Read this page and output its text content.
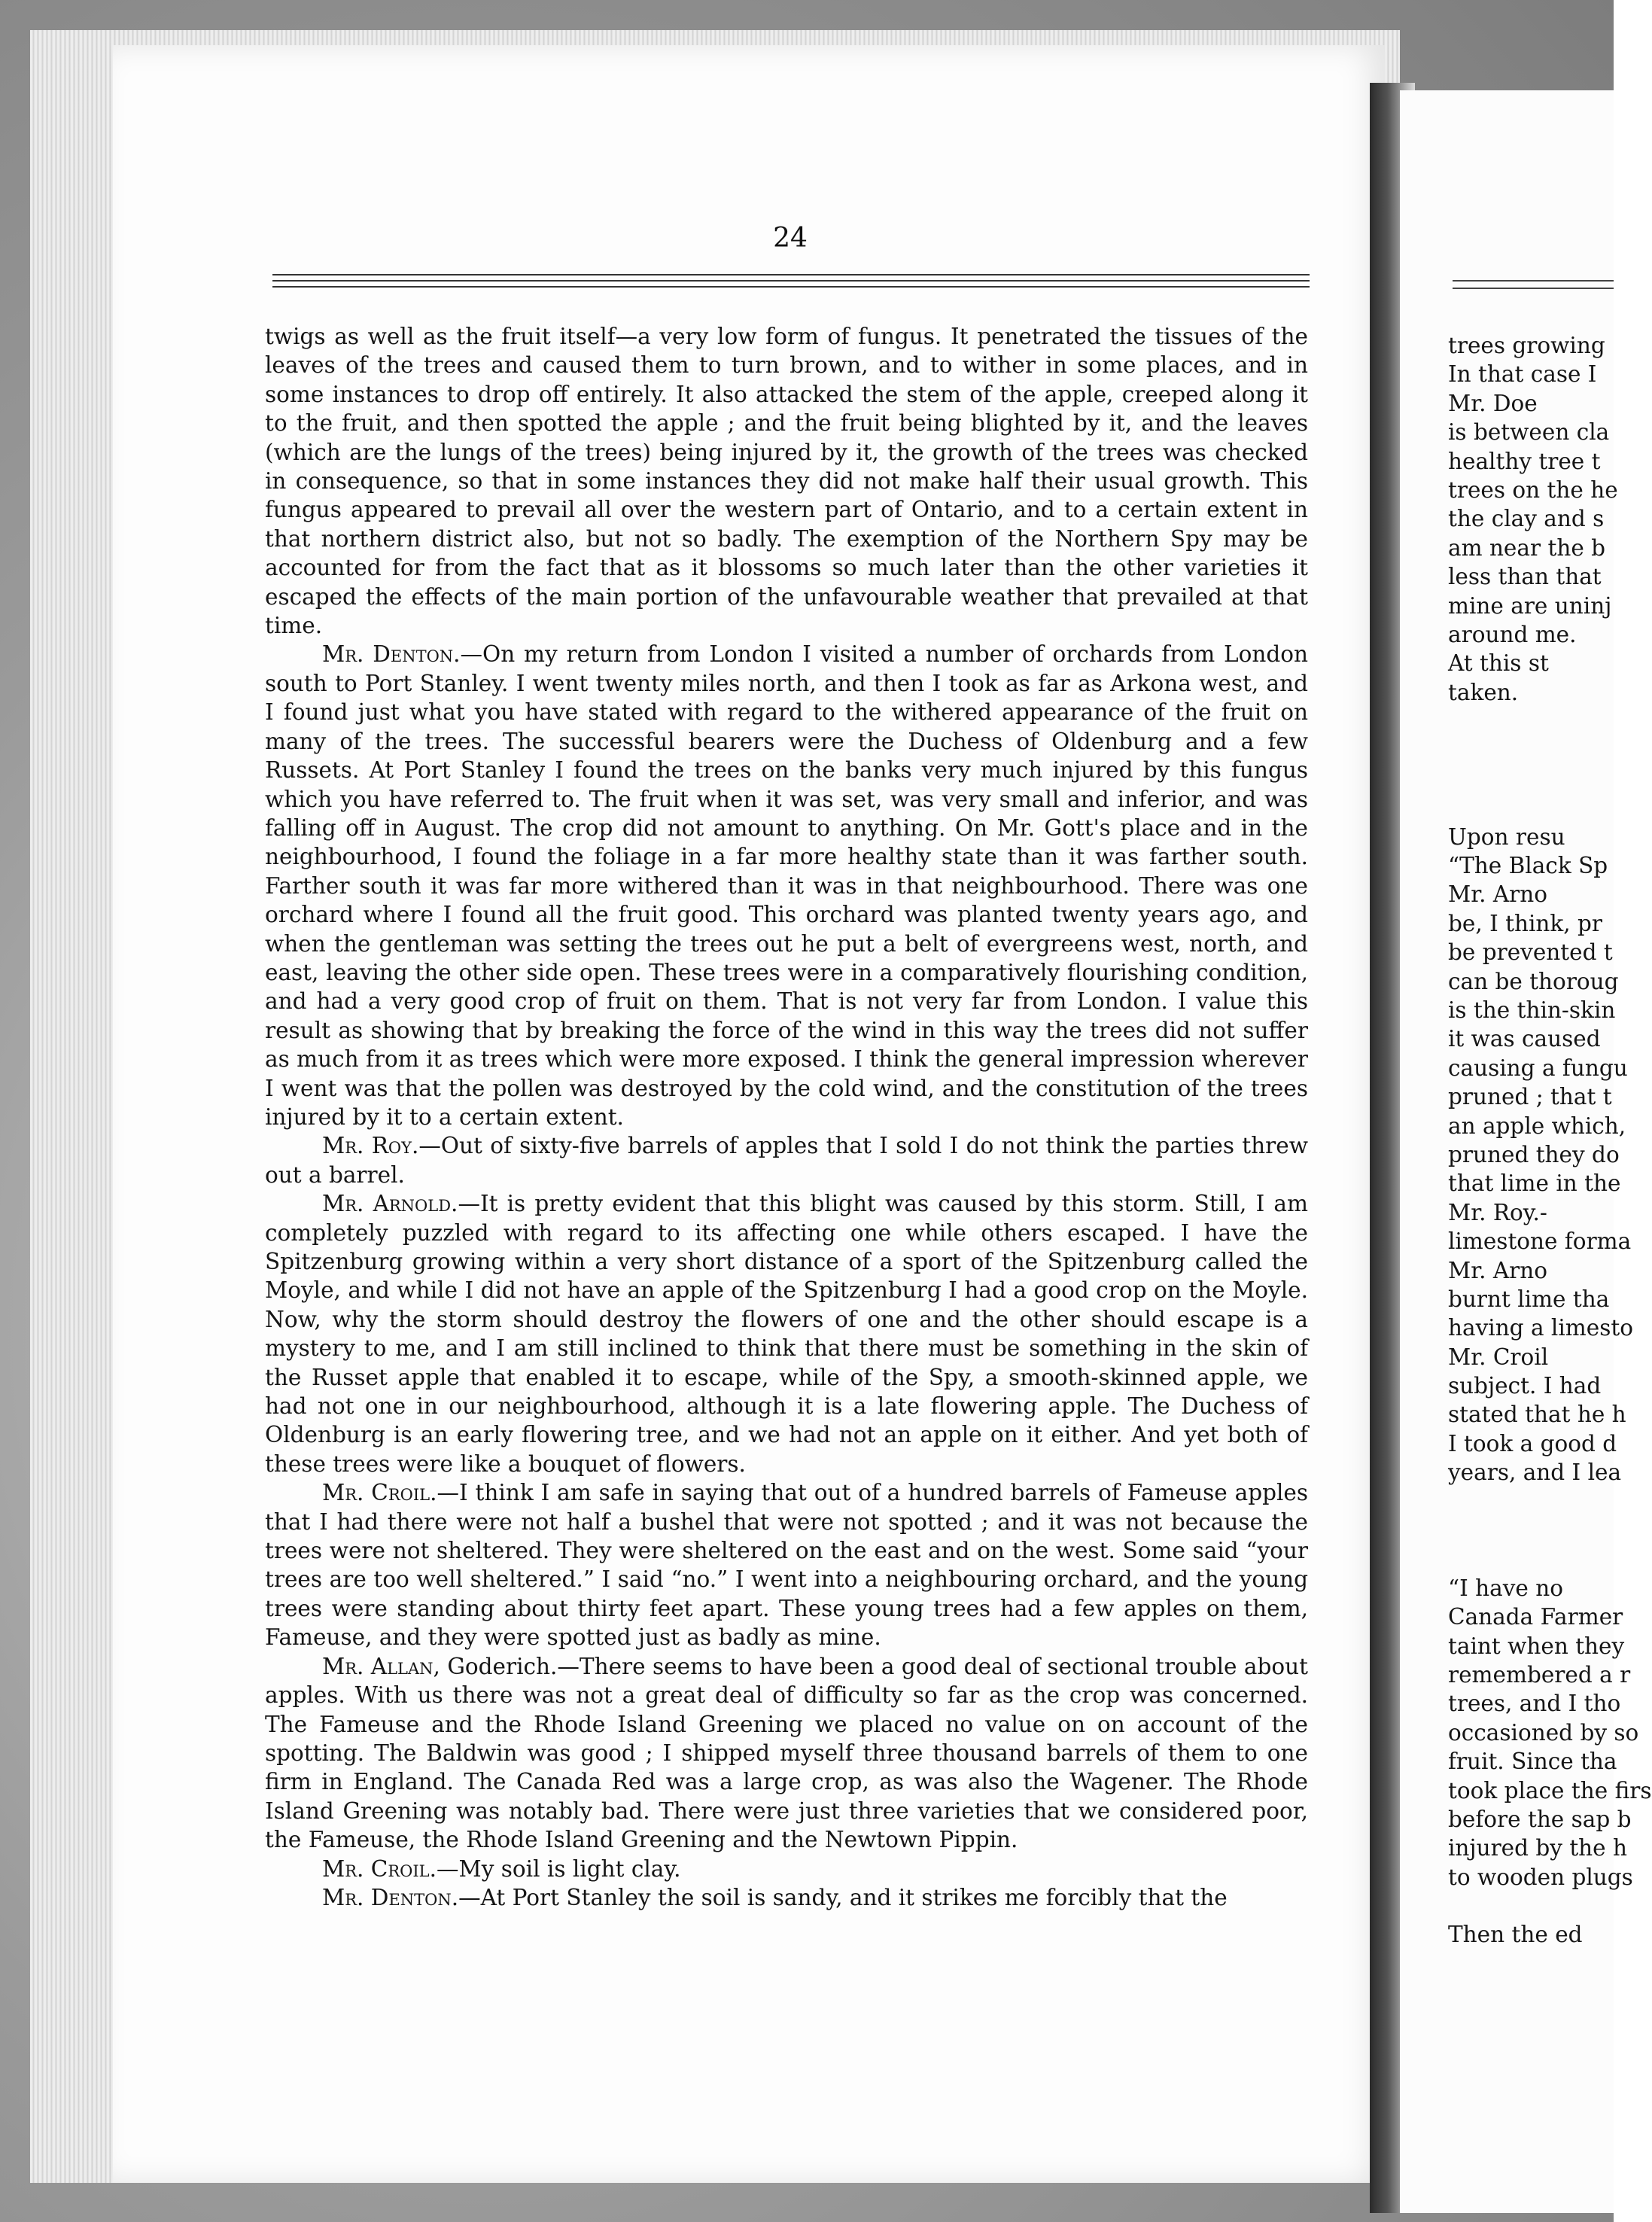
24

twigs as well as the fruit itself—a very low form of fungus. It penetrated the tissues of the leaves of the trees and caused them to turn brown, and to wither in some places, and in some instances to drop off entirely. It also attacked the stem of the apple, creeped along it to the fruit, and then spotted the apple ; and the fruit being blighted by it, and the leaves (which are the lungs of the trees) being injured by it, the growth of the trees was checked in consequence, so that in some instances they did not make half their usual growth. This fungus appeared to prevail all over the western part of Ontario, and to a certain extent in that northern district also, but not so badly. The exemption of the Northern Spy may be accounted for from the fact that as it blossoms so much later than the other varieties it escaped the effects of the main portion of the unfavourable weather that prevailed at that time.

Mr. Denton.—On my return from London I visited a number of orchards from London south to Port Stanley. I went twenty miles north, and then I took as far as Arkona west, and I found just what you have stated with regard to the withered appearance of the fruit on many of the trees. The successful bearers were the Duchess of Oldenburg and a few Russets. At Port Stanley I found the trees on the banks very much injured by this fungus which you have referred to. The fruit when it was set, was very small and inferior, and was falling off in August. The crop did not amount to anything. On Mr. Gott's place and in the neighbourhood, I found the foliage in a far more healthy state than it was farther south. Farther south it was far more withered than it was in that neighbourhood. There was one orchard where I found all the fruit good. This orchard was planted twenty years ago, and when the gentleman was setting the trees out he put a belt of evergreens west, north, and east, leaving the other side open. These trees were in a comparatively flourishing condition, and had a very good crop of fruit on them. That is not very far from London. I value this result as showing that by breaking the force of the wind in this way the trees did not suffer as much from it as trees which were more exposed. I think the general impression wherever I went was that the pollen was destroyed by the cold wind, and the constitution of the trees injured by it to a certain extent.

Mr. Roy.—Out of sixty-five barrels of apples that I sold I do not think the parties threw out a barrel.

Mr. Arnold.—It is pretty evident that this blight was caused by this storm. Still, I am completely puzzled with regard to its affecting one while others escaped. I have the Spitzenburg growing within a very short distance of a sport of the Spitzenburg called the Moyle, and while I did not have an apple of the Spitzenburg I had a good crop on the Moyle. Now, why the storm should destroy the flowers of one and the other should escape is a mystery to me, and I am still inclined to think that there must be something in the skin of the Russet apple that enabled it to escape, while of the Spy, a smooth-skinned apple, we had not one in our neighbourhood, although it is a late flowering apple. The Duchess of Oldenburg is an early flowering tree, and we had not an apple on it either. And yet both of these trees were like a bouquet of flowers.

Mr. Croil.—I think I am safe in saying that out of a hundred barrels of Fameuse apples that I had there were not half a bushel that were not spotted ; and it was not because the trees were not sheltered. They were sheltered on the east and on the west. Some said “your trees are too well sheltered.” I said “no.” I went into a neighbouring orchard, and the young trees were standing about thirty feet apart. These young trees had a few apples on them, Fameuse, and they were spotted just as badly as mine.

Mr. Allan, Goderich.—There seems to have been a good deal of sectional trouble about apples. With us there was not a great deal of difficulty so far as the crop was concerned. The Fameuse and the Rhode Island Greening we placed no value on on account of the spotting. The Baldwin was good ; I shipped myself three thousand barrels of them to one firm in England. The Canada Red was a large crop, as was also the Wagener. The Rhode Island Greening was notably bad. There were just three varieties that we considered poor, the Fameuse, the Rhode Island Greening and the Newtown Pippin.

Mr. Croil.—My soil is light clay.

Mr. Denton.—At Port Stanley the soil is sandy, and it strikes me forcibly that the

trees growing
In that case I
Mr. Doe
is between cla
healthy tree t
trees on the he
the clay and s
am near the b
less than that
mine are uninj
around me.
At this st
taken.
Upon resu
“The Black Sp
Mr. Arno
be, I think, pr
be prevented t
can be thoroug
is the thin-skin
it was caused
causing a fungu
pruned ; that t
an apple which,
pruned they do
that lime in the
Mr. Roy.-
limestone forma
Mr. Arno
burnt lime tha
having a limesto
Mr. Croil
subject. I had
stated that he h
I took a good d
years, and I lea
“I have no
Canada Farmer
taint when they
remembered a r
trees, and I tho
occasioned by so
fruit. Since tha
took place the firs
before the sap b
injured by the h
to wooden plugs
Then the ed
